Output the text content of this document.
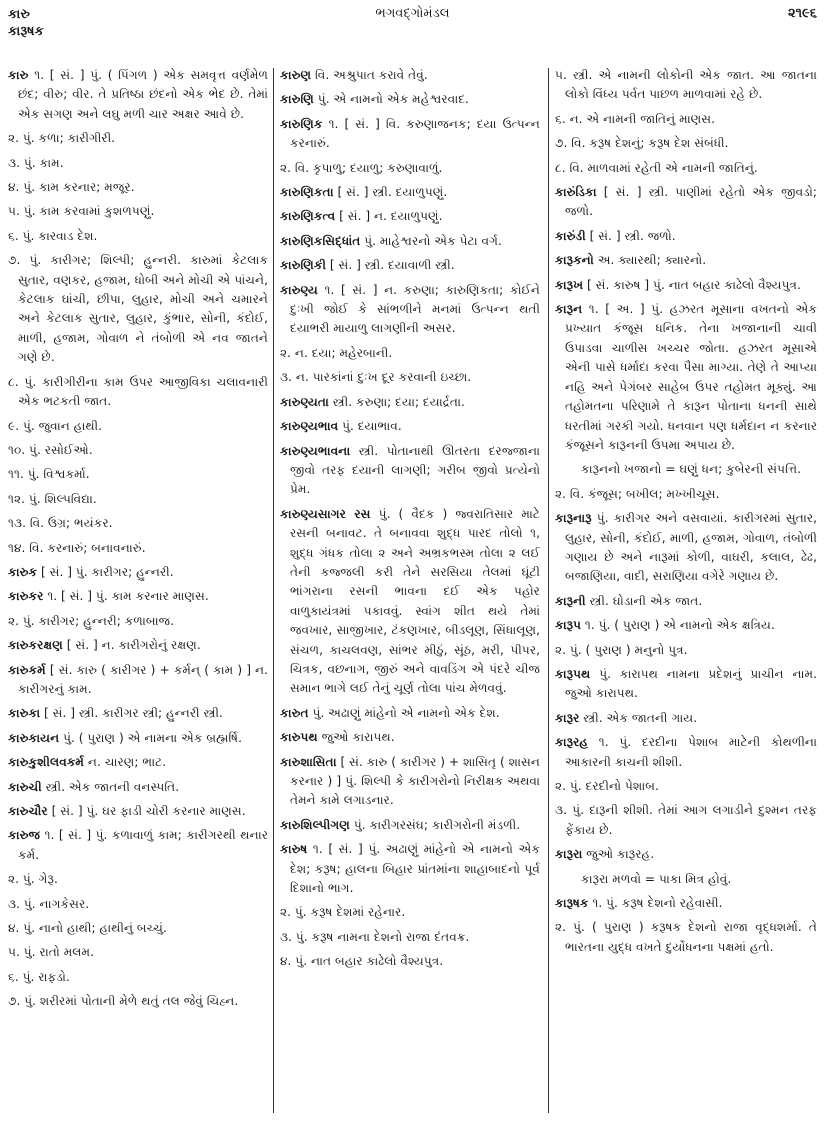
કારુ
કારૂષક
ભગવદ્ગોમંડલ	૨૧૯૬
કારુ ૧. [ સં. ] પું. ( પિંગળ ) એક સમવૃત્ત વર્ણમેળ છંદ; વીરુ; વીર. તે પ્રતિષ્ઠા છંદનો એક ભેદ છે. તેમાં એક સગણ અને લઘુ મળી ચાર અક્ષર આવે છે.
૨. પું. કળા; કારીગીરી.
૩. પું. કામ.
૪. પું. કામ કરનાર; મજૂર.
૫. પું. કામ કરવામાં કુશળપણું.
૬. પું. કારવાડ દેશ.
૭. પું. કારીગર; શિલ્પી; હુન્નરી. કારુમાં કેટલાક સુતાર, વણકર, હજામ, ધોબી અને મોચી એ પાંચને, કેટલાક ઘાંચી, છીપા, લુહાર, મોચી અને ચમારને અને કેટલાક સુતાર, લુહાર, કુંભાર, સોની, કંદોઈ, માળી, હજામ, ગોવાળ ને તંબોળી એ નવ જાતને ગણે છે.
૮. પું. કારીગીરીના કામ ઉપર આજીવિકા ચલાવનારી એક ભટકતી જાત.
૯. પું. જુવાન હાથી.
૧૦. પું. રસોઈઓ.
૧૧. પું. વિશ્વકર્મા.
૧૨. પું. શિલ્પવિદ્યા.
૧૩. વિ. ઉગ્ર; ભયંકર.
૧૪. વિ. કરનારું; બનાવનારું.
કારુક [ સં. ] પું. કારીગર; હુન્નરી.
કારુકર ૧. [ સં. ] પું. કામ કરનાર માણસ.
૨. પું. કારીગર; હુન્નરી; કળાબાજ.
કારુકરક્ષણ [ સં. ] ન. કારીગરોનું રક્ષણ.
કારુકર્મ [ સં. કારુ ( કારીગર ) + કર્મન્ ( કામ ) ] ન. કારીગરનું કામ.
કારુકા [ સં. ] સ્ત્રી. કારીગર સ્ત્રી; હુન્નરી સ્ત્રી.
કારુકાયન પું. ( પુરાણ ) એ નામના એક બ્રહ્મર્ષિ.
કારુકુશીલવકર્મ ન. ચારણ; ભાટ.
કારુચી સ્ત્રી. એક જાતની વનસ્પતિ.
કારુચૌર [ સં. ] પું. ઘર ફાડી ચોરી કરનાર માણસ.
કારુજ ૧. [ સં. ] પું. કળાવાળું કામ; કારીગરથી થનાર કર્મ.
૨. પું. ગેરૂ.
૩. પું. નાગકેસર.
૪. પું. નાનો હાથી; હાથીનું બચ્ચું.
૫. પું. રાતો મલમ.
૬. પું. રાફડો.
૭. પું. શરીરમાં પોતાની મેળે થતું તલ જેવું ચિહ્ન.
કારુણ વિ. અશ્રુપાત કરાવે તેવું.
કારુણિ પું. એ નામનો એક મહેશ્વરવાદ.
કારુણિક ૧. [ સં. ] વિ. કરુણાજનક; દયા ઉત્પન્ન કરનારું.
૨. વિ. કૃપાળુ; દયાળુ; કરુણાવાળું.
કારુણિકતા [ સં. ] સ્ત્રી. દયાળુપણું.
કારુણિકત્વ [ સં. ] ન. દયાળુપણું.
કારુણિકસિદ્ધાંત પું. માહેશ્વરનો એક પેટા વર્ગ.
કારુણિકી [ સં. ] સ્ત્રી. દયાવાળી સ્ત્રી.
કારુણ્ય ૧. [ સં. ] ન. કરુણા; કારુણિકતા; કોઈને દુઃખી જોઈ કે સાંભળીને મનમાં ઉત્પન્ન થતી દયાભરી માયાળુ લાગણીની અસર.
૨. ન. દયા; મહેરબાની.
૩. ન. પારકાંનાં દુઃખ દૂર કરવાની ઇચ્છા.
કારુણ્યતા સ્ત્રી. કરુણા; દયા; દયાર્દ્રતા.
કારુણ્યભાવ પું. દયાભાવ.
કારુણ્યભાવના સ્ત્રી. પોતાનાથી ઊતરતા દરજ્જાના જીવો તરફ દયાની લાગણી; ગરીબ જીવો પ્રત્યેનો પ્રેમ.
કારુણ્યસાગર રસ પું. ( વૈદક ) જ્વરાતિસાર માટે રસની બનાવટ. તે બનાવવા શુદ્ધ પારદ તોલો ૧, શુદ્ધ ગંધક તોલા ૨ અને અભ્રકભસ્મ તોલા ૨ લઈ તેની કજ્જલી કરી તેને સરસિયા તેલમાં ઘૂંટી ભાંગરાના રસની ભાવના દઈ એક પહોર વાળુકાયંત્રમાં પકાવવું. સ્વાંગ શીત થયે તેમાં જવખાર, સાજીખાર, ટંકણખાર, બીડલૂણ, સિંધાલૂણ, સંચળ, કાચલવણ, સાંભર મીઠું, સૂંઠ, મરી, પીપર, ચિત્રક, વછનાગ, જીરું અને વાવડિંગ એ પંદરે ચીજ સમાન ભાગે લઈ તેનું ચૂર્ણ તોલા પાંચ મેળવવું.
કારુત પું. અઢાણું માંહેનો એ નામનો એક દેશ.
કારુપથ જુઓ કારાપથ.
કારુશાસિતા [ સં. કારુ ( કારીગર ) + શાસિતૃ ( શાસન કરનાર ) ] પું. શિલ્પી કે કારીગરોનો નિરીક્ષક અથવા તેમને કામે લગાડનાર.
કારુશિલ્પીગણ પું. કારીગરસંઘ; કારીગરોની મંડળી.
કારુષ ૧. [ સં. ] પું. અઢાણું માંહેનો એ નામનો એક દેશ; કરૂષ; હાલના બિહાર પ્રાંતમાંના શાહાબાદનો પૂર્વ દિશાનો ભાગ.
૨. પું. કરૂષ દેશમાં રહેનાર.
૩. પું. કરૂષ નામના દેશનો રાજા દંતવક્ર.
૪. પું. નાત બહાર કાઢેલો વૈશ્યપુત્ર.
૫. સ્ત્રી. એ નામની લોકોની એક જાત. આ જાતના લોકો વિંધ્ય પર્વત પાછળ માળવામાં રહે છે.
૬. ન. એ નામની જાતિનું માણસ.
૭. વિ. કરૂષ દેશનું; કરૂષ દેશ સંબંધી.
૮. વિ. માળવામાં રહેતી એ નામની જાતિનું.
કારુંડિકા [ સં. ] સ્ત્રી. પાણીમાં રહેતો એક જીવડો; જળો.
કારુંડી [ સં. ] સ્ત્રી. જળો.
કારૂકનો અ. ક્યારથી; ક્યારનો.
કારૂખ [ સં. કારુષ ] પું. નાત બહાર કાઢેલો વૈશ્યપુત્ર.
કારૂન ૧. [ અ. ] પું. હઝરત મૂસાના વખતનો એક પ્રખ્યાત કંજૂસ ધનિક. તેના ખજાનાની ચાવી ઉપાડવા ચાળીસ ખચ્ચર જોતા. હઝરત મૂસાએ એની પાસે ધર્માદા કરવા પૈસા માગ્યા. તેણે તે આપ્યા નહિ અને પેગંબર સાહેબ ઉપર તહોમત મૂક્યું. આ તહોમતના પરિણામે તે કારૂન પોતાના ધનની સાથે ધરતીમાં ગરકી ગયો. ધનવાન પણ ધર્મદાન ન કરનાર કંજૂસને કારૂનની ઉપમા અપાય છે.
કારૂનનો ખજાનો = ઘણું ધન; કુબેરની સંપત્તિ.
૨. વિ. કંજૂસ; બખીલ; મખ્ખીચૂસ.
કારૂનારૂ પું. કારીગર અને વસવાયાં. કારીગરમાં સુતાર, લુહાર, સોની, કંદોઈ, માળી, હજામ, ગોવાળ, તંબોળી ગણાય છે અને નારૂમાં કોળી, વાઘરી, કલાલ, ઢેઢ, બજાણિયા, વાદી, સરાણિયા વગેરે ગણાય છે.
કારૂની સ્ત્રી. ઘોડાની એક જાત.
કારૂપ ૧. પું. ( પુરાણ ) એ નામનો એક ક્ષત્રિય.
૨. પું. ( પુરાણ ) મનુનો પુત્ર.
કારૂપથ પું. કારાપથ નામના પ્રદેશનું પ્રાચીન નામ. જુઓ કારાપથ.
કારૂર સ્ત્રી. એક જાતની ગાય.
કારૂરહ ૧. પું. દરદીના પેશાબ માટેની કોથળીના આકારની કાચની શીશી.
૨. પું. દરદીનો પેશાબ.
૩. પું. દારૂની શીશી. તેમાં આગ લગાડીને દુશ્મન તરફ ફેંકાય છે.
કારૂરા જુઓ કારૂરહ.
કારૂરા મળવો = પાકા મિત્ર હોવું.
કારૂષક ૧. પું. કરૂષ દેશનો રહેવાસી.
૨. પું. ( પુરાણ ) કરૂષક દેશનો રાજા વૃદ્ધશર્મા. તે ભારતના યુદ્ધ વખતે દુર્યોધનના પક્ષમાં હતો.
